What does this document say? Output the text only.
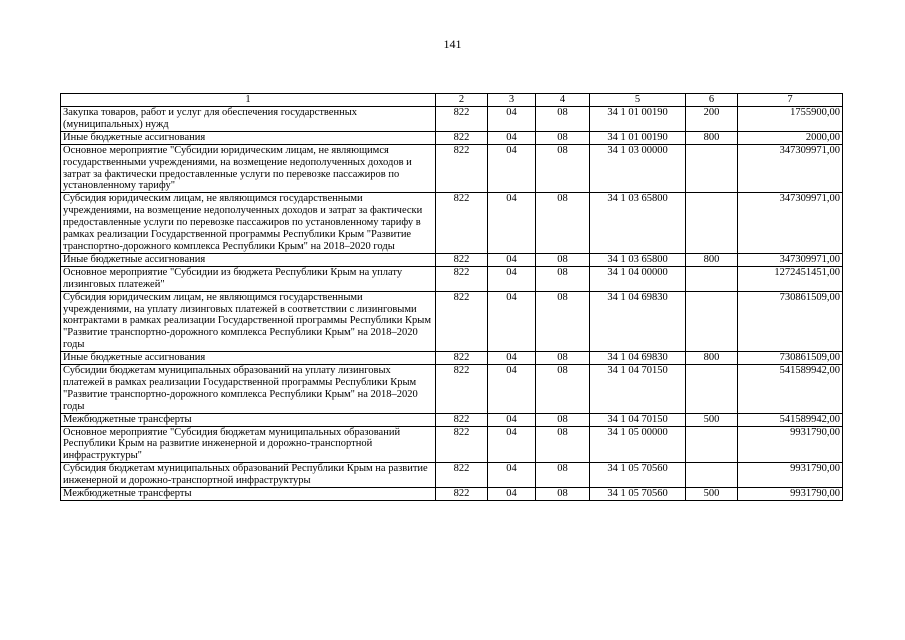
141
1	2	3	4	5	6	7
Закупка товаров, работ и услуг для обеспечения государственных (муниципальных) нужд	822	04	08	34 1 01 00190	200	1755900,00
Иные бюджетные ассигнования	822	04	08	34 1 01 00190	800	2000,00
Основное мероприятие "Субсидии юридическим лицам, не являющимся государственными учреждениями, на возмещение недополученных доходов и затрат за фактически предоставленные услуги по перевозке пассажиров по установленному тарифу"	822	04	08	34 1 03 00000		347309971,00
Субсидия юридическим лицам, не являющимся государственными учреждениями, на возмещение недополученных доходов и затрат за фактически предоставленные услуги по перевозке пассажиров по установленному тарифу в рамках реализации Государственной программы Республики Крым "Развитие транспортно-дорожного комплекса Республики Крым" на 2018–2020 годы	822	04	08	34 1 03 65800		347309971,00
Иные бюджетные ассигнования	822	04	08	34 1 03 65800	800	347309971,00
Основное мероприятие "Субсидии из бюджета Республики Крым на уплату лизинговых платежей"	822	04	08	34 1 04 00000		1272451451,00
Субсидия юридическим лицам, не являющимся государственными учреждениями, на уплату лизинговых платежей в соответствии с лизинговыми контрактами в рамках реализации Государственной программы Республики Крым "Развитие транспортно-дорожного комплекса Республики Крым" на 2018–2020 годы	822	04	08	34 1 04 69830		730861509,00
Иные бюджетные ассигнования	822	04	08	34 1 04 69830	800	730861509,00
Субсидии бюджетам муниципальных образований на уплату лизинговых платежей в рамках реализации Государственной программы Республики Крым "Развитие транспортно-дорожного комплекса Республики Крым" на 2018–2020 годы	822	04	08	34 1 04 70150		541589942,00
Межбюджетные трансферты	822	04	08	34 1 04 70150	500	541589942,00
Основное мероприятие "Субсидия бюджетам муниципальных образований Республики Крым на развитие инженерной и дорожно-транспортной инфраструктуры"	822	04	08	34 1 05 00000		9931790,00
Субсидия бюджетам муниципальных образований Республики Крым на развитие инженерной и дорожно-транспортной инфраструктуры	822	04	08	34 1 05 70560		9931790,00
Межбюджетные трансферты	822	04	08	34 1 05 70560	500	9931790,00
